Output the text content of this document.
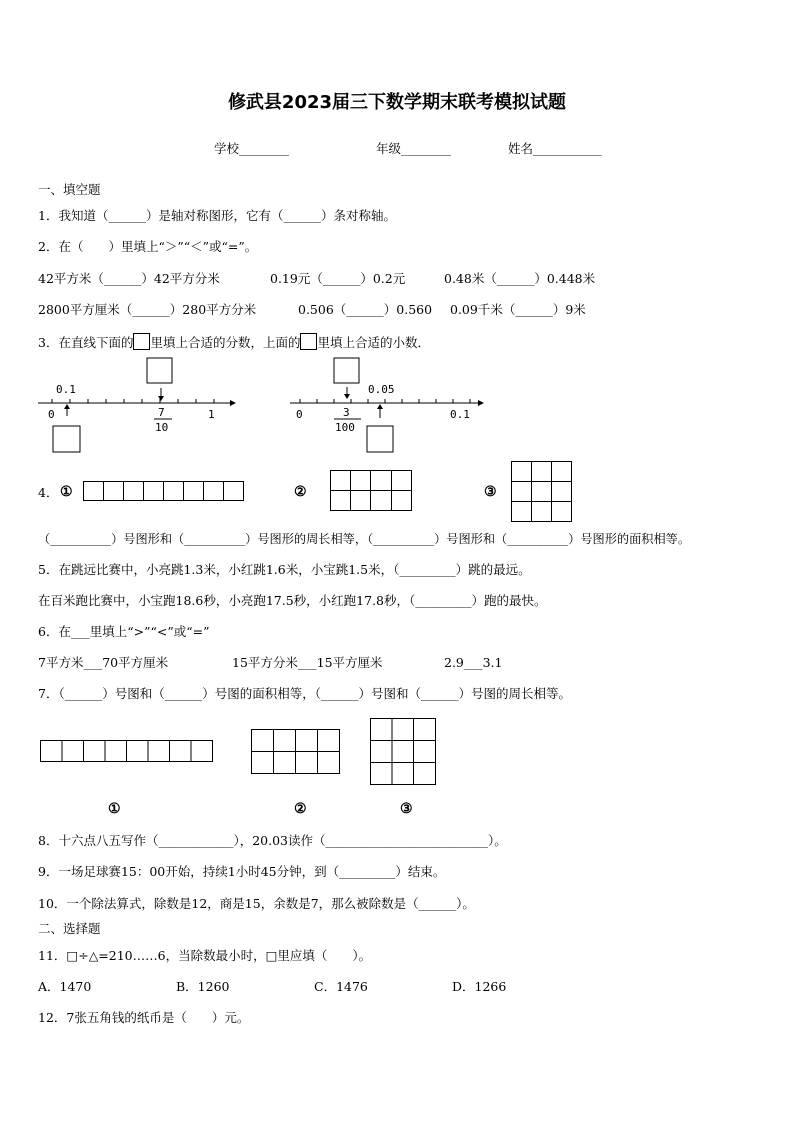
修武县2023届三下数学期末联考模拟试题
学校________	年级________	姓名___________
一、填空题
1．我知道（______）是轴对称图形，它有（______）条对称轴。
2．在（　　）里填上“＞”“＜”或“=”。
42平方米（______）42平方分米	0.19元（______）0.2元	0.48米（______）0.448米
2800平方厘米（______）280平方分米	0.506（______）0.560 0.09千米（______）9米
3．在直线下面的 里填上合适的分数，上面的 里填上合适的小数．
0.1
0	7
10
1
0.05
0	3
100
0.1
4． ①	②	③
（__________）号图形和（__________）号图形的周长相等，（__________）号图形和（__________）号图形的面积相等。
5．在跳远比赛中，小亮跳1.3米，小红跳1.6米，小宝跳1.5米，（_________）跳的最远。
在百米跑比赛中，小宝跑18.6秒，小亮跑17.5秒，小红跑17.8秒，（_________）跑的最快。
6．在___里填上“>”“<”或“=”
7平方米___70平方厘米	15平方分米___15平方厘米	2.9___3.1
7．（______）号图和（______）号图的面积相等，（______）号图和（______）号图的周长相等。
①	②	③
8．十六点八五写作（____________），20.03读作（__________________________）。
9．一场足球赛15：00开始，持续1小时45分钟，到（_________）结束。
10．一个除法算式，除数是12，商是15，余数是7，那么被除数是（______）。
二、选择题
11．□÷△=210……6，当除数最小时，□里应填（　　）。
A．1470	B．1260	C．1476	D．1266
12．7张五角钱的纸币是（　　）元。
